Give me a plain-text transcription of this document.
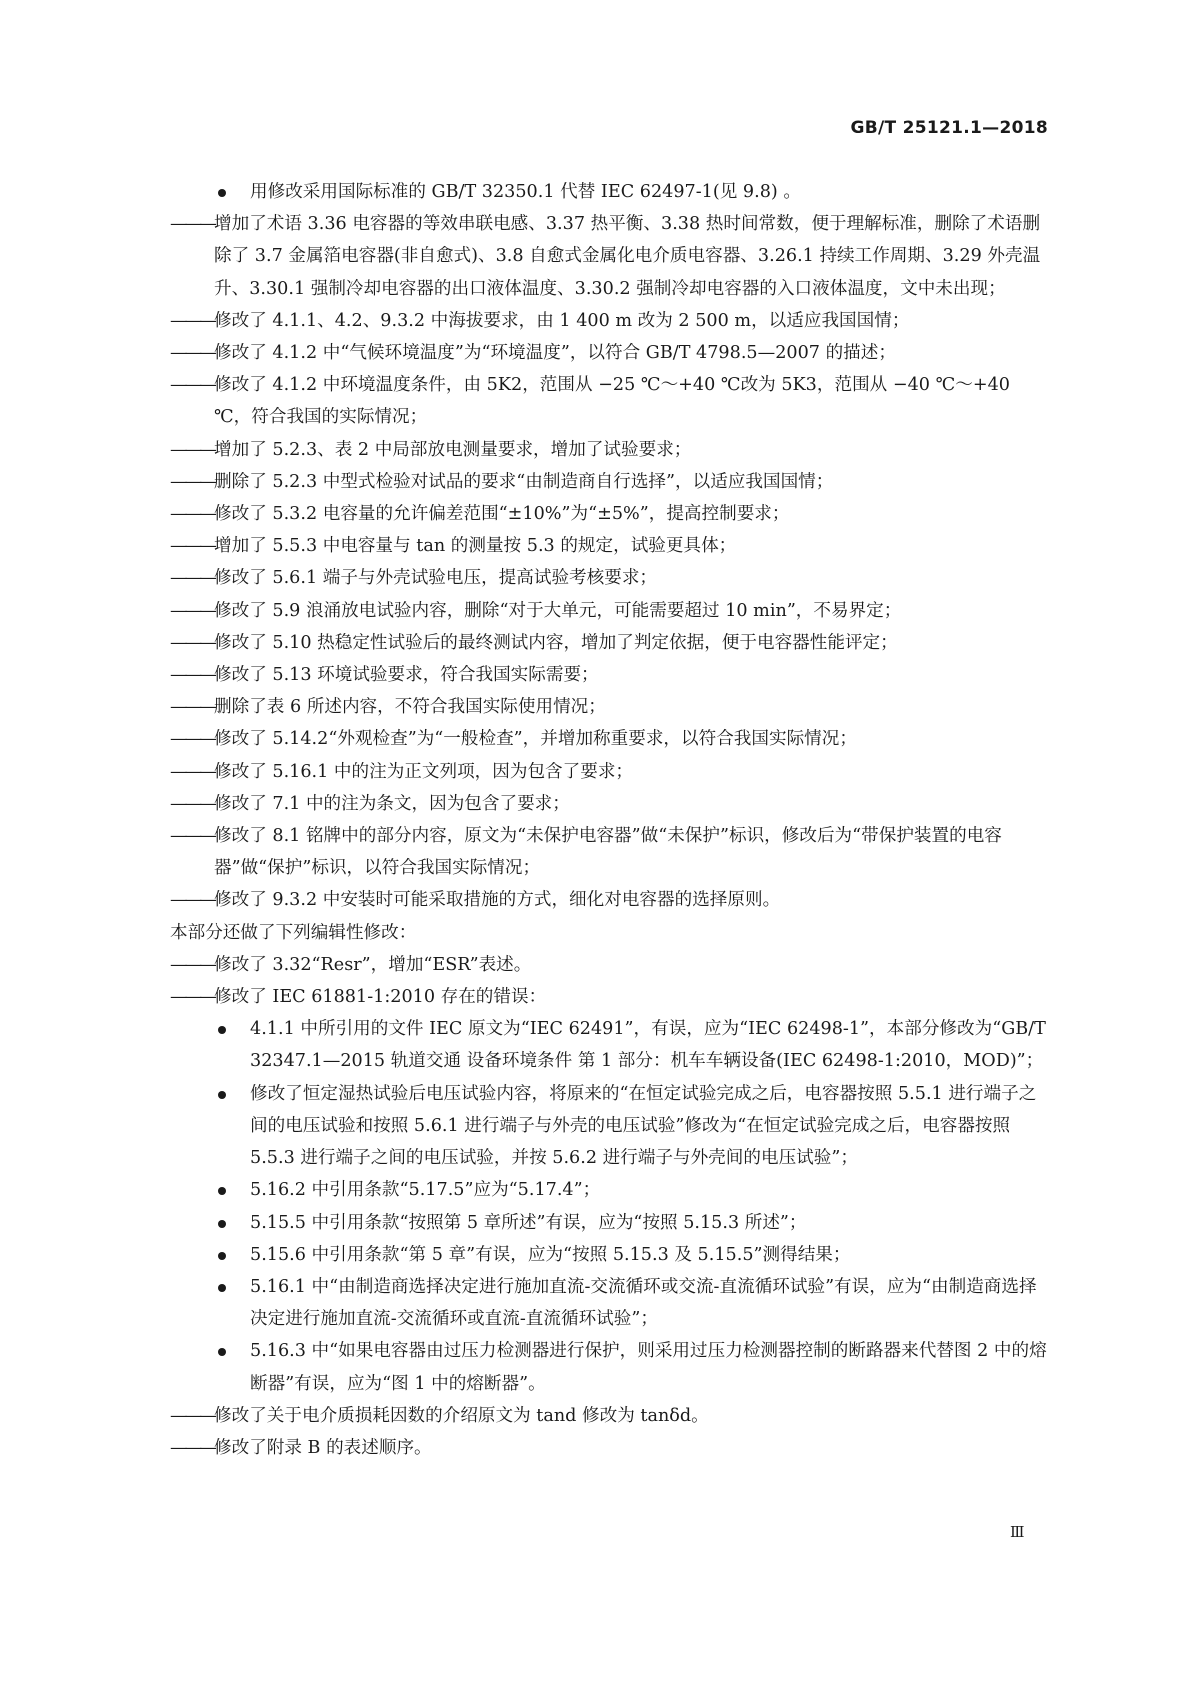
GB/T 25121.1—2018
用修改采用国际标准的 GB/T 32350.1 代替 IEC 62497-1(见 9.8) 。
———增加了术语 3.36 电容器的等效串联电感、3.37 热平衡、3.38 热时间常数，便于理解标准，删除了术语删除了 3.7 金属箔电容器(非自愈式)、3.8 自愈式金属化电介质电容器、3.26.1 持续工作周期、3.29 外壳温升、3.30.1 强制冷却电容器的出口液体温度、3.30.2 强制冷却电容器的入口液体温度，文中未出现；
———修改了 4.1.1、4.2、9.3.2 中海拔要求，由 1 400 m 改为 2 500 m，以适应我国国情；
———修改了 4.1.2 中“气候环境温度”为“环境温度”，以符合 GB/T 4798.5—2007 的描述；
———修改了 4.1.2 中环境温度条件，由 5K2，范围从 −25 ℃～+40 ℃改为 5K3，范围从 −40 ℃～+40 ℃，符合我国的实际情况；
———增加了 5.2.3、表 2 中局部放电测量要求，增加了试验要求；
———删除了 5.2.3 中型式检验对试品的要求“由制造商自行选择”，以适应我国国情；
———修改了 5.3.2 电容量的允许偏差范围“±10%”为“±5%”，提高控制要求；
———增加了 5.5.3 中电容量与 tan 的测量按 5.3 的规定，试验更具体；
———修改了 5.6.1 端子与外壳试验电压，提高试验考核要求；
———修改了 5.9 浪涌放电试验内容，删除“对于大单元，可能需要超过 10 min”，不易界定；
———修改了 5.10 热稳定性试验后的最终测试内容，增加了判定依据，便于电容器性能评定；
———修改了 5.13 环境试验要求，符合我国实际需要；
———删除了表 6 所述内容，不符合我国实际使用情况；
———修改了 5.14.2“外观检查”为“一般检查”，并增加称重要求，以符合我国实际情况；
———修改了 5.16.1 中的注为正文列项，因为包含了要求；
———修改了 7.1 中的注为条文，因为包含了要求；
———修改了 8.1 铭牌中的部分内容，原文为“未保护电容器”做“未保护”标识，修改后为“带保护装置的电容器”做“保护”标识，以符合我国实际情况；
———修改了 9.3.2 中安装时可能采取措施的方式，细化对电容器的选择原则。
本部分还做了下列编辑性修改：
———修改了 3.32“Resr”，增加“ESR”表述。
———修改了 IEC 61881-1:2010 存在的错误：
4.1.1 中所引用的文件 IEC 原文为“IEC 62491”，有误，应为“IEC 62498-1”，本部分修改为“GB/T 32347.1—2015 轨道交通 设备环境条件 第 1 部分：机车车辆设备(IEC 62498-1:2010，MOD)”；
修改了恒定湿热试验后电压试验内容，将原来的“在恒定试验完成之后，电容器按照 5.5.1 进行端子之间的电压试验和按照 5.6.1 进行端子与外壳的电压试验”修改为“在恒定试验完成之后，电容器按照 5.5.3 进行端子之间的电压试验，并按 5.6.2 进行端子与外壳间的电压试验”；
5.16.2 中引用条款“5.17.5”应为“5.17.4”；
5.15.5 中引用条款“按照第 5 章所述”有误，应为“按照 5.15.3 所述”；
5.15.6 中引用条款“第 5 章”有误，应为“按照 5.15.3 及 5.15.5”测得结果；
5.16.1 中“由制造商选择决定进行施加直流-交流循环或交流-直流循环试验”有误，应为“由制造商选择决定进行施加直流-交流循环或直流-直流循环试验”；
5.16.3 中“如果电容器由过压力检测器进行保护，则采用过压力检测器控制的断路器来代替图 2 中的熔断器”有误，应为“图 1 中的熔断器”。
———修改了关于电介质损耗因数的介绍原文为 tand 修改为 tanδd。
———修改了附录 B 的表述顺序。
Ⅲ
